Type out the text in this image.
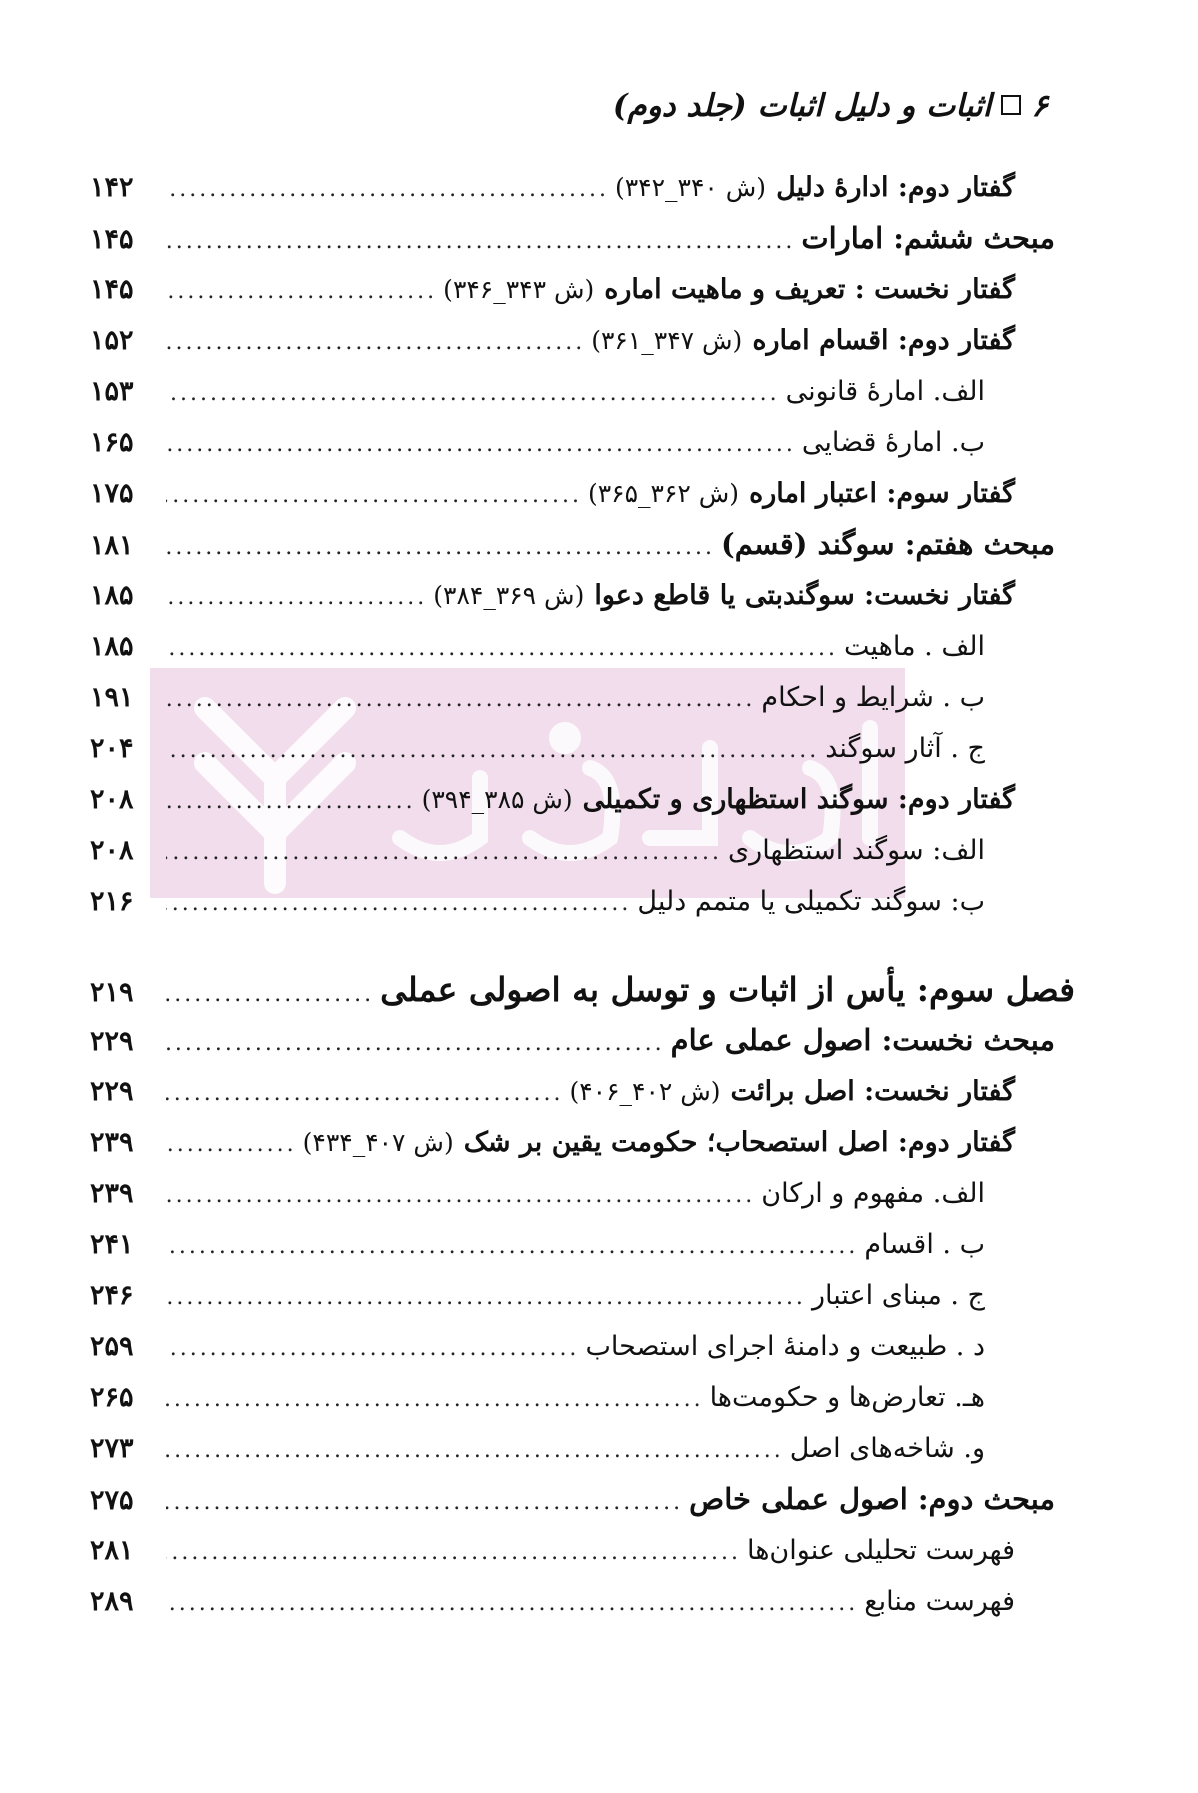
۶اثبات و دلیل اثبات (جلد دوم)
گفتار دوم: ادارهٔ دلیل
(ش ۳۴۰_۳۴۲)
.....
۱۴۲
مبحث ششم: امارات
.....
۱۴۵
گفتار نخست : تعریف و ماهیت اماره
(ش ۳۴۳_۳۴۶)
.....
۱۴۵
گفتار دوم: اقسام اماره
(ش ۳۴۷_۳۶۱)
.....
۱۵۲
الف. امارهٔ قانونی
.....
۱۵۳
ب. امارهٔ قضایی
.....
۱۶۵
گفتار سوم: اعتبار اماره
(ش ۳۶۲_۳۶۵)
.....
۱۷۵
مبحث هفتم: سوگند (قسم)
.....
۱۸۱
گفتار نخست: سوگندبتی یا قاطع دعوا
(ش ۳۶۹_۳۸۴)
.....
۱۸۵
الف . ماهیت
.....
۱۸۵
ب . شرایط و احکام
.....
۱۹۱
ج . آثار سوگند
.....
۲۰۴
گفتار دوم: سوگند استظهاری و تکمیلی
(ش ۳۸۵_۳۹۴)
.....
۲۰۸
الف: سوگند استظهاری
.....
۲۰۸
ب: سوگند تکمیلی یا متمم دلیل
.....
۲۱۶
فصل سوم: یأس از اثبات و توسل به اصولی عملی
.....
۲۱۹
مبحث نخست: اصول عملی عام
.....
۲۲۹
گفتار نخست: اصل برائت
(ش ۴۰۲_۴۰۶)
.....
۲۲۹
گفتار دوم: اصل استصحاب؛ حکومت یقین بر شک
(ش ۴۰۷_۴۳۴)
.....
۲۳۹
الف. مفهوم و ارکان
.....
۲۳۹
ب . اقسام
.....
۲۴۱
ج . مبنای اعتبار
.....
۲۴۶
د . طبیعت و دامنهٔ اجرای استصحاب
.....
۲۵۹
هـ. تعارض‌ها و حکومت‌ها
.....
۲۶۵
و. شاخه‌های اصل
.....
۲۷۳
مبحث دوم: اصول عملی خاص
.....
۲۷۵
فهرست تحلیلی عنوان‌ها
.....
۲۸۱
فهرست منابع
.....
۲۸۹
